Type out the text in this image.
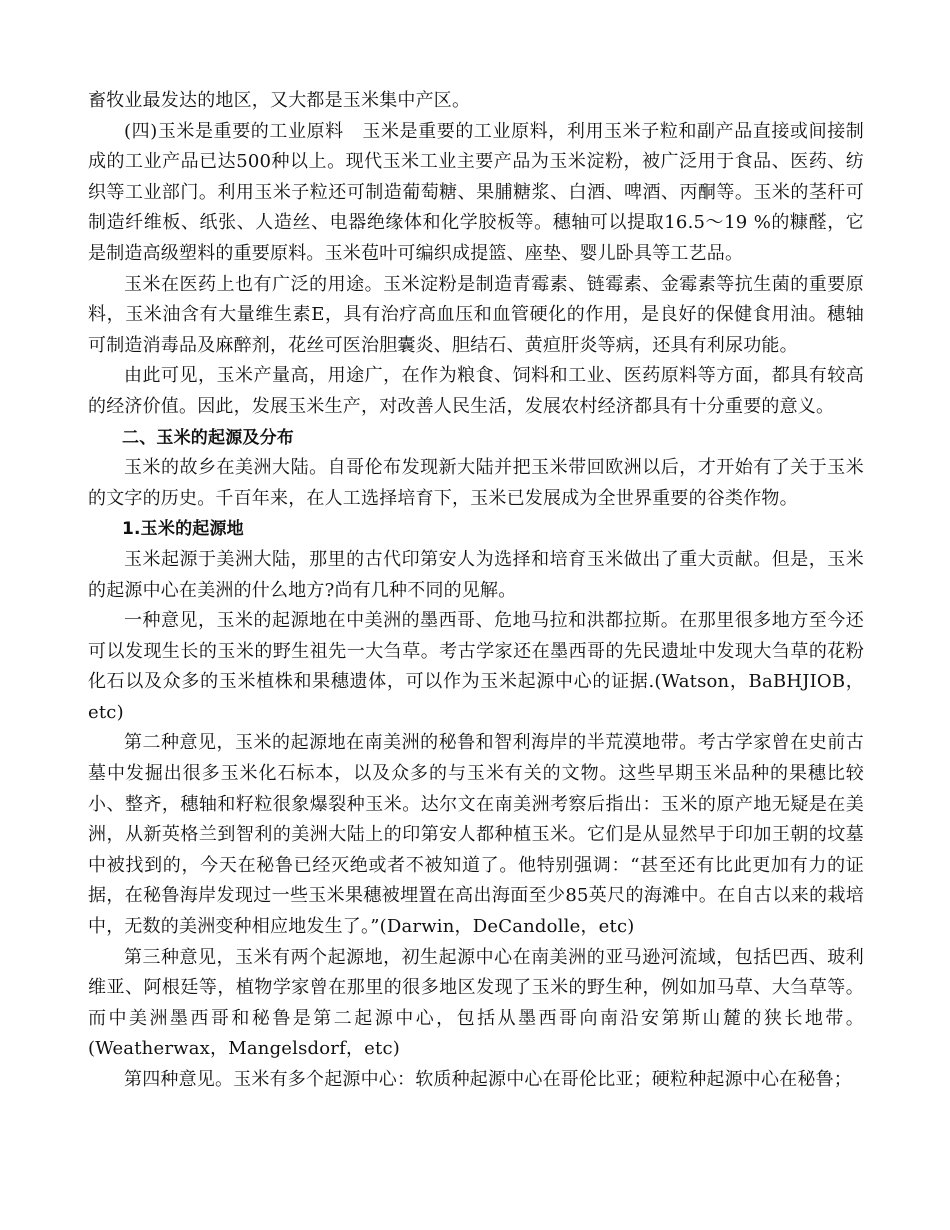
畜牧业最发达的地区，又大都是玉米集中产区。

(四)玉米是重要的工业原料　玉米是重要的工业原料，利用玉米子粒和副产品直接或间接制成的工业产品已达500种以上。现代玉米工业主要产品为玉米淀粉，被广泛用于食品、医药、纺织等工业部门。利用玉米子粒还可制造葡萄糖、果脯糖浆、白酒、啤酒、丙酮等。玉米的茎秆可制造纤维板、纸张、人造丝、电器绝缘体和化学胶板等。穗轴可以提取16.5～19 %的糠醛，它是制造高级塑料的重要原料。玉米苞叶可编织成提篮、座垫、婴儿卧具等工艺品。

玉米在医药上也有广泛的用途。玉米淀粉是制造青霉素、链霉素、金霉素等抗生菌的重要原料，玉米油含有大量维生素E，具有治疗高血压和血管硬化的作用，是良好的保健食用油。穗轴可制造消毒品及麻醉剂，花丝可医治胆囊炎、胆结石、黄疸肝炎等病，还具有利尿功能。

由此可见，玉米产量高，用途广，在作为粮食、饲料和工业、医药原料等方面，都具有较高的经济价值。因此，发展玉米生产，对改善人民生活，发展农村经济都具有十分重要的意义。

二、玉米的起源及分布

玉米的故乡在美洲大陆。自哥伦布发现新大陆并把玉米带回欧洲以后，才开始有了关于玉米的文字的历史。千百年来，在人工选择培育下，玉米已发展成为全世界重要的谷类作物。

1.玉米的起源地

玉米起源于美洲大陆，那里的古代印第安人为选择和培育玉米做出了重大贡献。但是，玉米的起源中心在美洲的什么地方?尚有几种不同的见解。

一种意见，玉米的起源地在中美洲的墨西哥、危地马拉和洪都拉斯。在那里很多地方至今还可以发现生长的玉米的野生祖先一大刍草。考古学家还在墨西哥的先民遗址中发现大刍草的花粉化石以及众多的玉米植株和果穗遗体，可以作为玉米起源中心的证据.(Watson，BaBHJIOB，etc)

第二种意见，玉米的起源地在南美洲的秘鲁和智利海岸的半荒漠地带。考古学家曾在史前古墓中发掘出很多玉米化石标本，以及众多的与玉米有关的文物。这些早期玉米品种的果穗比较小、整齐，穗轴和籽粒很象爆裂种玉米。达尔文在南美洲考察后指出：玉米的原产地无疑是在美洲，从新英格兰到智利的美洲大陆上的印第安人都种植玉米。它们是从显然早于印加王朝的坟墓中被找到的，今天在秘鲁已经灭绝或者不被知道了。他特别强调：“甚至还有比此更加有力的证据，在秘鲁海岸发现过一些玉米果穗被埋置在高出海面至少85英尺的海滩中。在自古以来的栽培中，无数的美洲变种相应地发生了。”(Darwin，DeCandolle，etc)

第三种意见，玉米有两个起源地，初生起源中心在南美洲的亚马逊河流域，包括巴西、玻利维亚、阿根廷等，植物学家曾在那里的很多地区发现了玉米的野生种，例如加马草、大刍草等。而中美洲墨西哥和秘鲁是第二起源中心，包括从墨西哥向南沿安第斯山麓的狭长地带。(Weatherwax，Mangelsdorf，etc)

第四种意见。玉米有多个起源中心：软质种起源中心在哥伦比亚；硬粒种起源中心在秘鲁；
